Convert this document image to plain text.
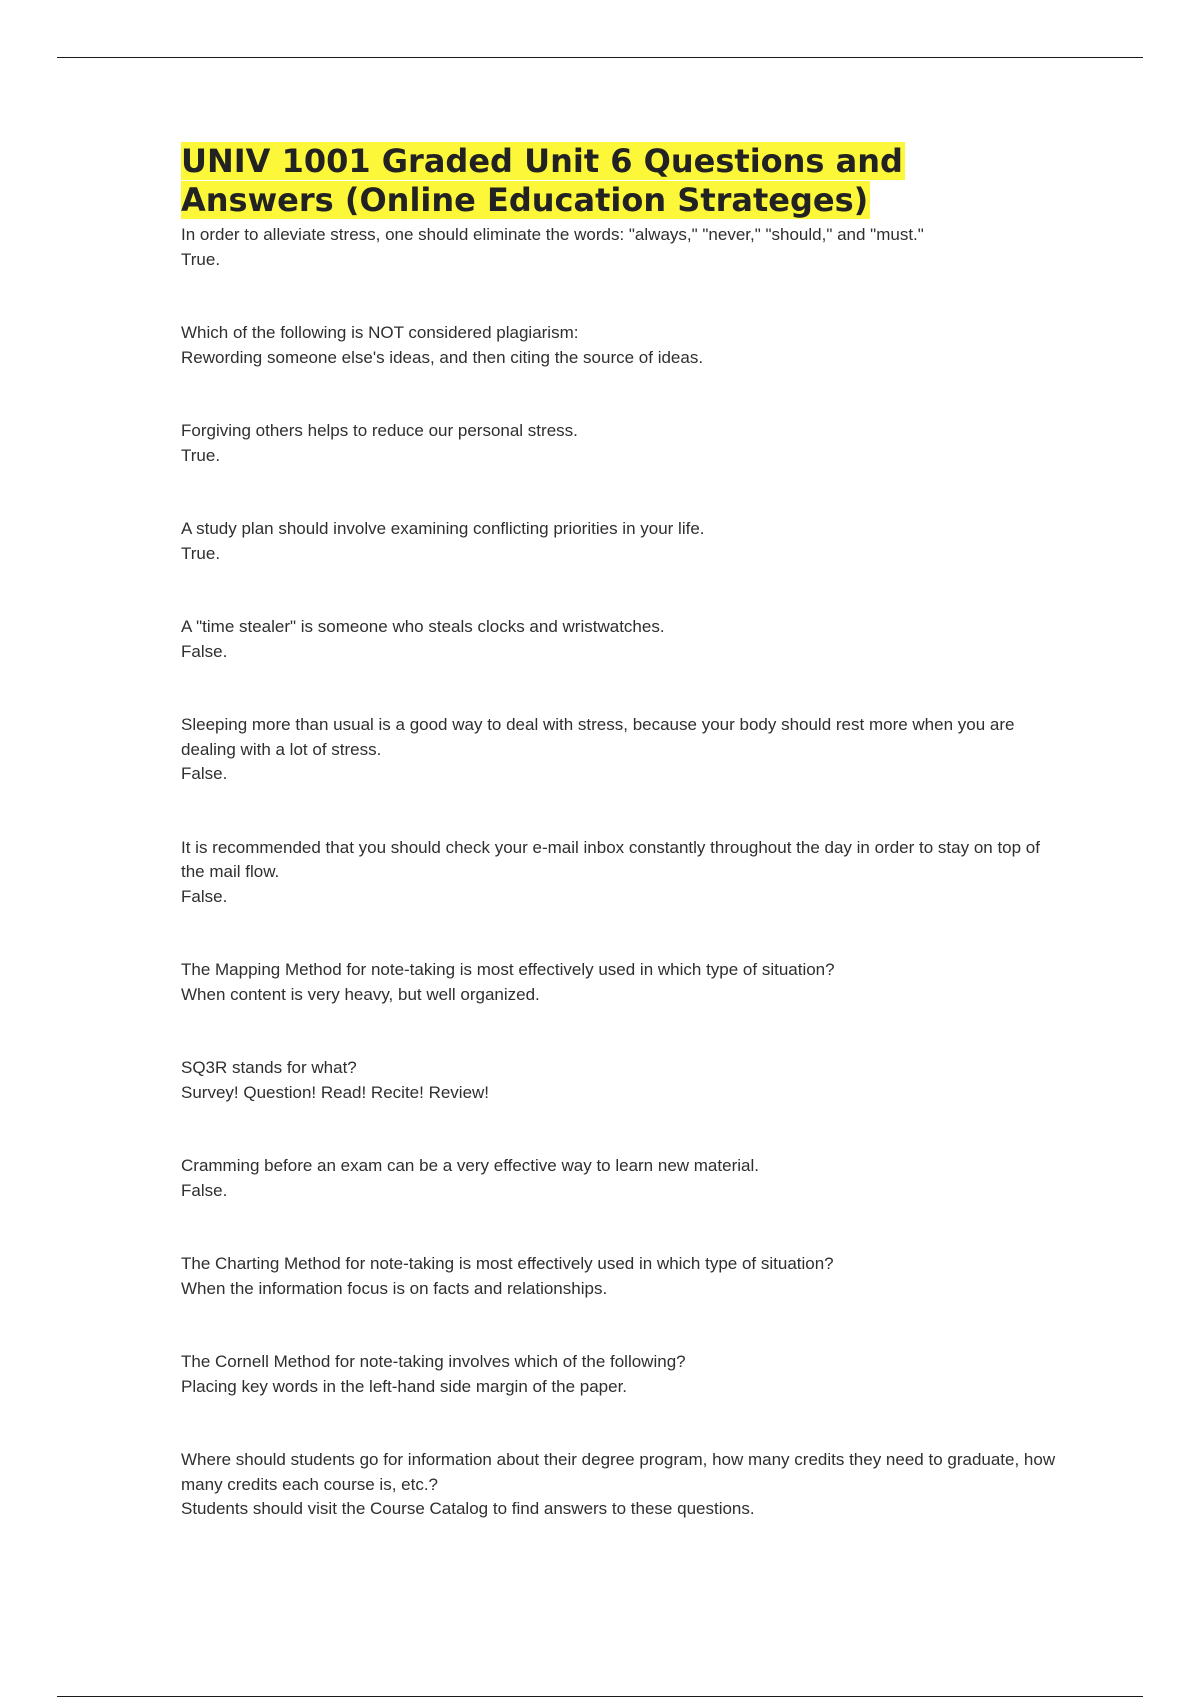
UNIV 1001 Graded Unit 6 Questions and Answers (Online Education Strateges)

In order to alleviate stress, one should eliminate the words: "always," "never," "should," and "must."

True.

Which of the following is NOT considered plagiarism:

Rewording someone else's ideas, and then citing the source of ideas.

Forgiving others helps to reduce our personal stress.

True.

A study plan should involve examining conflicting priorities in your life.

True.

A "time stealer" is someone who steals clocks and wristwatches.

False.

Sleeping more than usual is a good way to deal with stress, because your body should rest more when you are dealing with a lot of stress.

False.

It is recommended that you should check your e-mail inbox constantly throughout the day in order to stay on top of the mail flow.

False.

The Mapping Method for note-taking is most effectively used in which type of situation?

When content is very heavy, but well organized.

SQ3R stands for what?

Survey! Question! Read! Recite! Review!

Cramming before an exam can be a very effective way to learn new material.

False.

The Charting Method for note-taking is most effectively used in which type of situation?

When the information focus is on facts and relationships.

The Cornell Method for note-taking involves which of the following?

Placing key words in the left-hand side margin of the paper.

Where should students go for information about their degree program, how many credits they need to graduate, how many credits each course is, etc.?

Students should visit the Course Catalog to find answers to these questions.
